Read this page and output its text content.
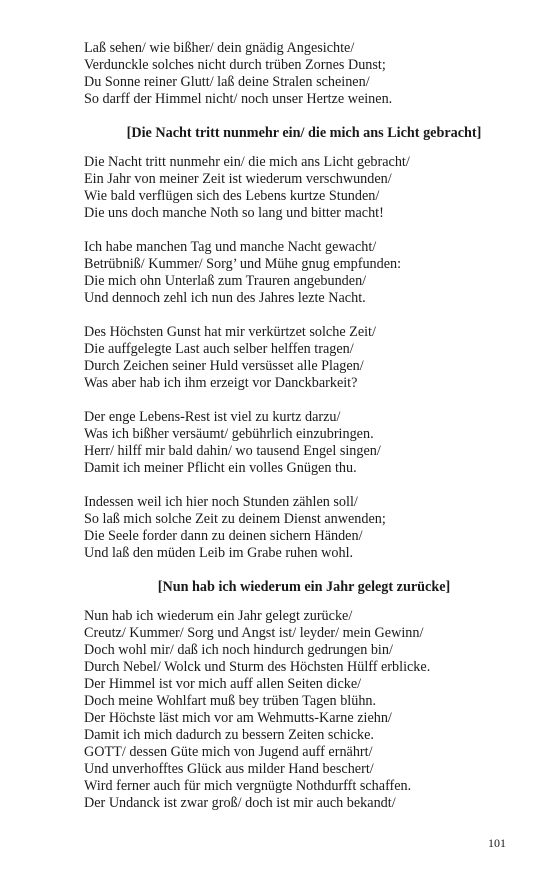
Laß sehen/ wie bißher/ dein gnädig Angesichte/
Verdunckle solches nicht durch trüben Zornes Dunst;
Du Sonne reiner Glutt/ laß deine Stralen scheinen/
So darff der Himmel nicht/ noch unser Hertze weinen.
[Die Nacht tritt nunmehr ein/ die mich ans Licht gebracht]
Die Nacht tritt nunmehr ein/ die mich ans Licht gebracht/
Ein Jahr von meiner Zeit ist wiederum verschwunden/
Wie bald verflügen sich des Lebens kurtze Stunden/
Die uns doch manche Noth so lang und bitter macht!
Ich habe manchen Tag und manche Nacht gewacht/
Betrübniß/ Kummer/ Sorg’ und Mühe gnug empfunden:
Die mich ohn Unterlaß zum Trauren angebunden/
Und dennoch zehl ich nun des Jahres lezte Nacht.
Des Höchsten Gunst hat mir verkürtzet solche Zeit/
Die auffgelegte Last auch selber helffen tragen/
Durch Zeichen seiner Huld versüsset alle Plagen/
Was aber hab ich ihm erzeigt vor Danckbarkeit?
Der enge Lebens-Rest ist viel zu kurtz darzu/
Was ich bißher versäumt/ gebührlich einzubringen.
Herr/ hilff mir bald dahin/ wo tausend Engel singen/
Damit ich meiner Pflicht ein volles Gnügen thu.
Indessen weil ich hier noch Stunden zählen soll/
So laß mich solche Zeit zu deinem Dienst anwenden;
Die Seele forder dann zu deinen sichern Händen/
Und laß den müden Leib im Grabe ruhen wohl.
[Nun hab ich wiederum ein Jahr gelegt zurücke]
Nun hab ich wiederum ein Jahr gelegt zurücke/
Creutz/ Kummer/ Sorg und Angst ist/ leyder/ mein Gewinn/
Doch wohl mir/ daß ich noch hindurch gedrungen bin/
Durch Nebel/ Wolck und Sturm des Höchsten Hülff erblicke.
Der Himmel ist vor mich auff allen Seiten dicke/
Doch meine Wohlfart muß bey trüben Tagen blühn.
Der Höchste läst mich vor am Wehmutts-Karne ziehn/
Damit ich mich dadurch zu bessern Zeiten schicke.
GOTT/ dessen Güte mich von Jugend auff ernährt/
Und unverhofftes Glück aus milder Hand beschert/
Wird ferner auch für mich vergnügte Nothdurfft schaffen.
Der Undanck ist zwar groß/ doch ist mir auch bekandt/
101
